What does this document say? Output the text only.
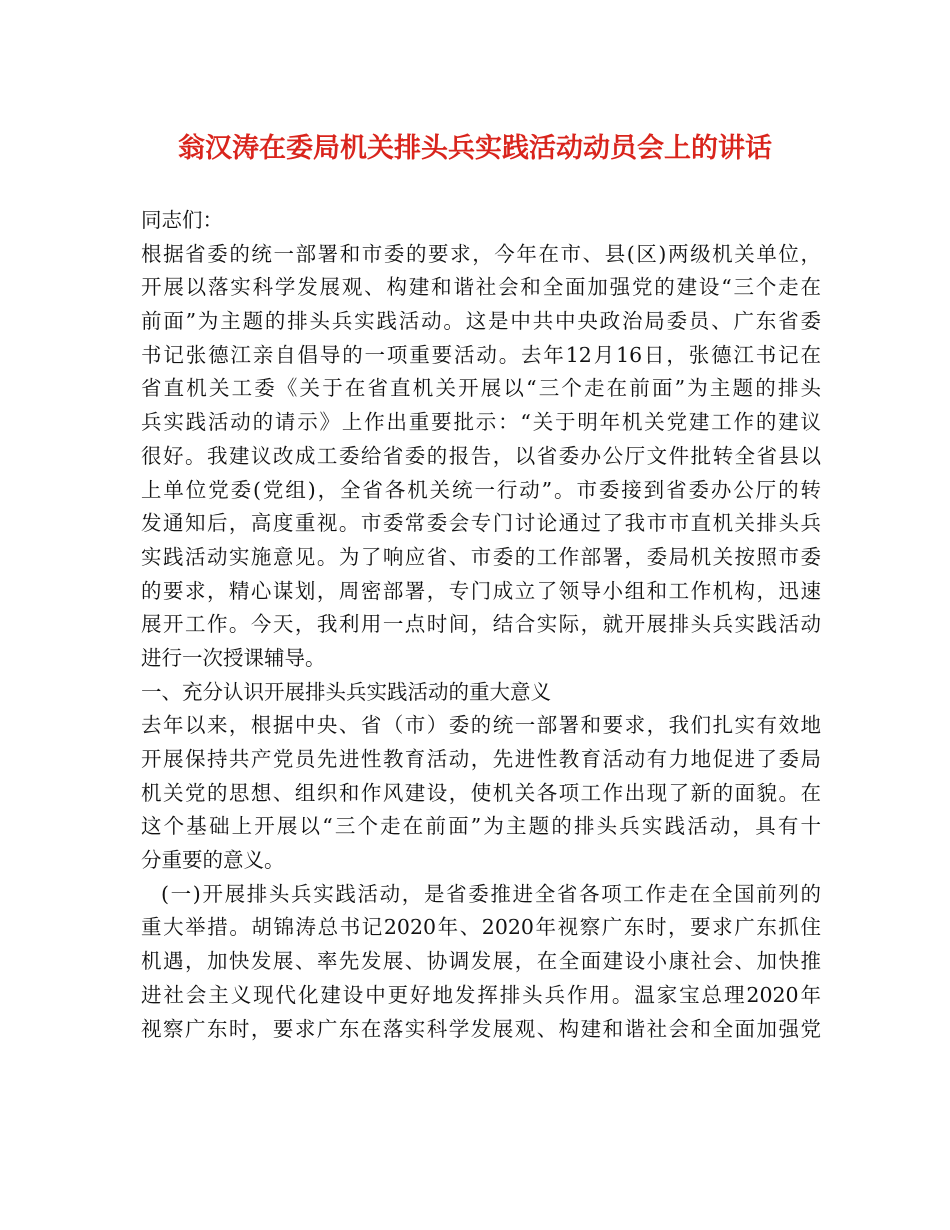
翁汉涛在委局机关排头兵实践活动动员会上的讲话
同志们：
根据省委的统一部署和市委的要求，今年在市、县(区)两级机关单位，
开展以落实科学发展观、构建和谐社会和全面加强党的建设“三个走在
前面”为主题的排头兵实践活动。这是中共中央政治局委员、广东省委
书记张德江亲自倡导的一项重要活动。去年12月16日，张德江书记在
省直机关工委《关于在省直机关开展以“三个走在前面”为主题的排头
兵实践活动的请示》上作出重要批示：“关于明年机关党建工作的建议
很好。我建议改成工委给省委的报告，以省委办公厅文件批转全省县以
上单位党委(党组)，全省各机关统一行动”。市委接到省委办公厅的转
发通知后，高度重视。市委常委会专门讨论通过了我市市直机关排头兵
实践活动实施意见。为了响应省、市委的工作部署，委局机关按照市委
的要求，精心谋划，周密部署，专门成立了领导小组和工作机构，迅速
展开工作。今天，我利用一点时间，结合实际，就开展排头兵实践活动
进行一次授课辅导。
一、充分认识开展排头兵实践活动的重大意义
去年以来，根据中央、省（市）委的统一部署和要求，我们扎实有效地
开展保持共产党员先进性教育活动，先进性教育活动有力地促进了委局
机关党的思想、组织和作风建设，使机关各项工作出现了新的面貌。在
这个基础上开展以“三个走在前面”为主题的排头兵实践活动，具有十
分重要的意义。
(一)开展排头兵实践活动，是省委推进全省各项工作走在全国前列的
重大举措。胡锦涛总书记2020年、2020年视察广东时，要求广东抓住
机遇，加快发展、率先发展、协调发展，在全面建设小康社会、加快推
进社会主义现代化建设中更好地发挥排头兵作用。温家宝总理2020年
视察广东时，要求广东在落实科学发展观、构建和谐社会和全面加强党
